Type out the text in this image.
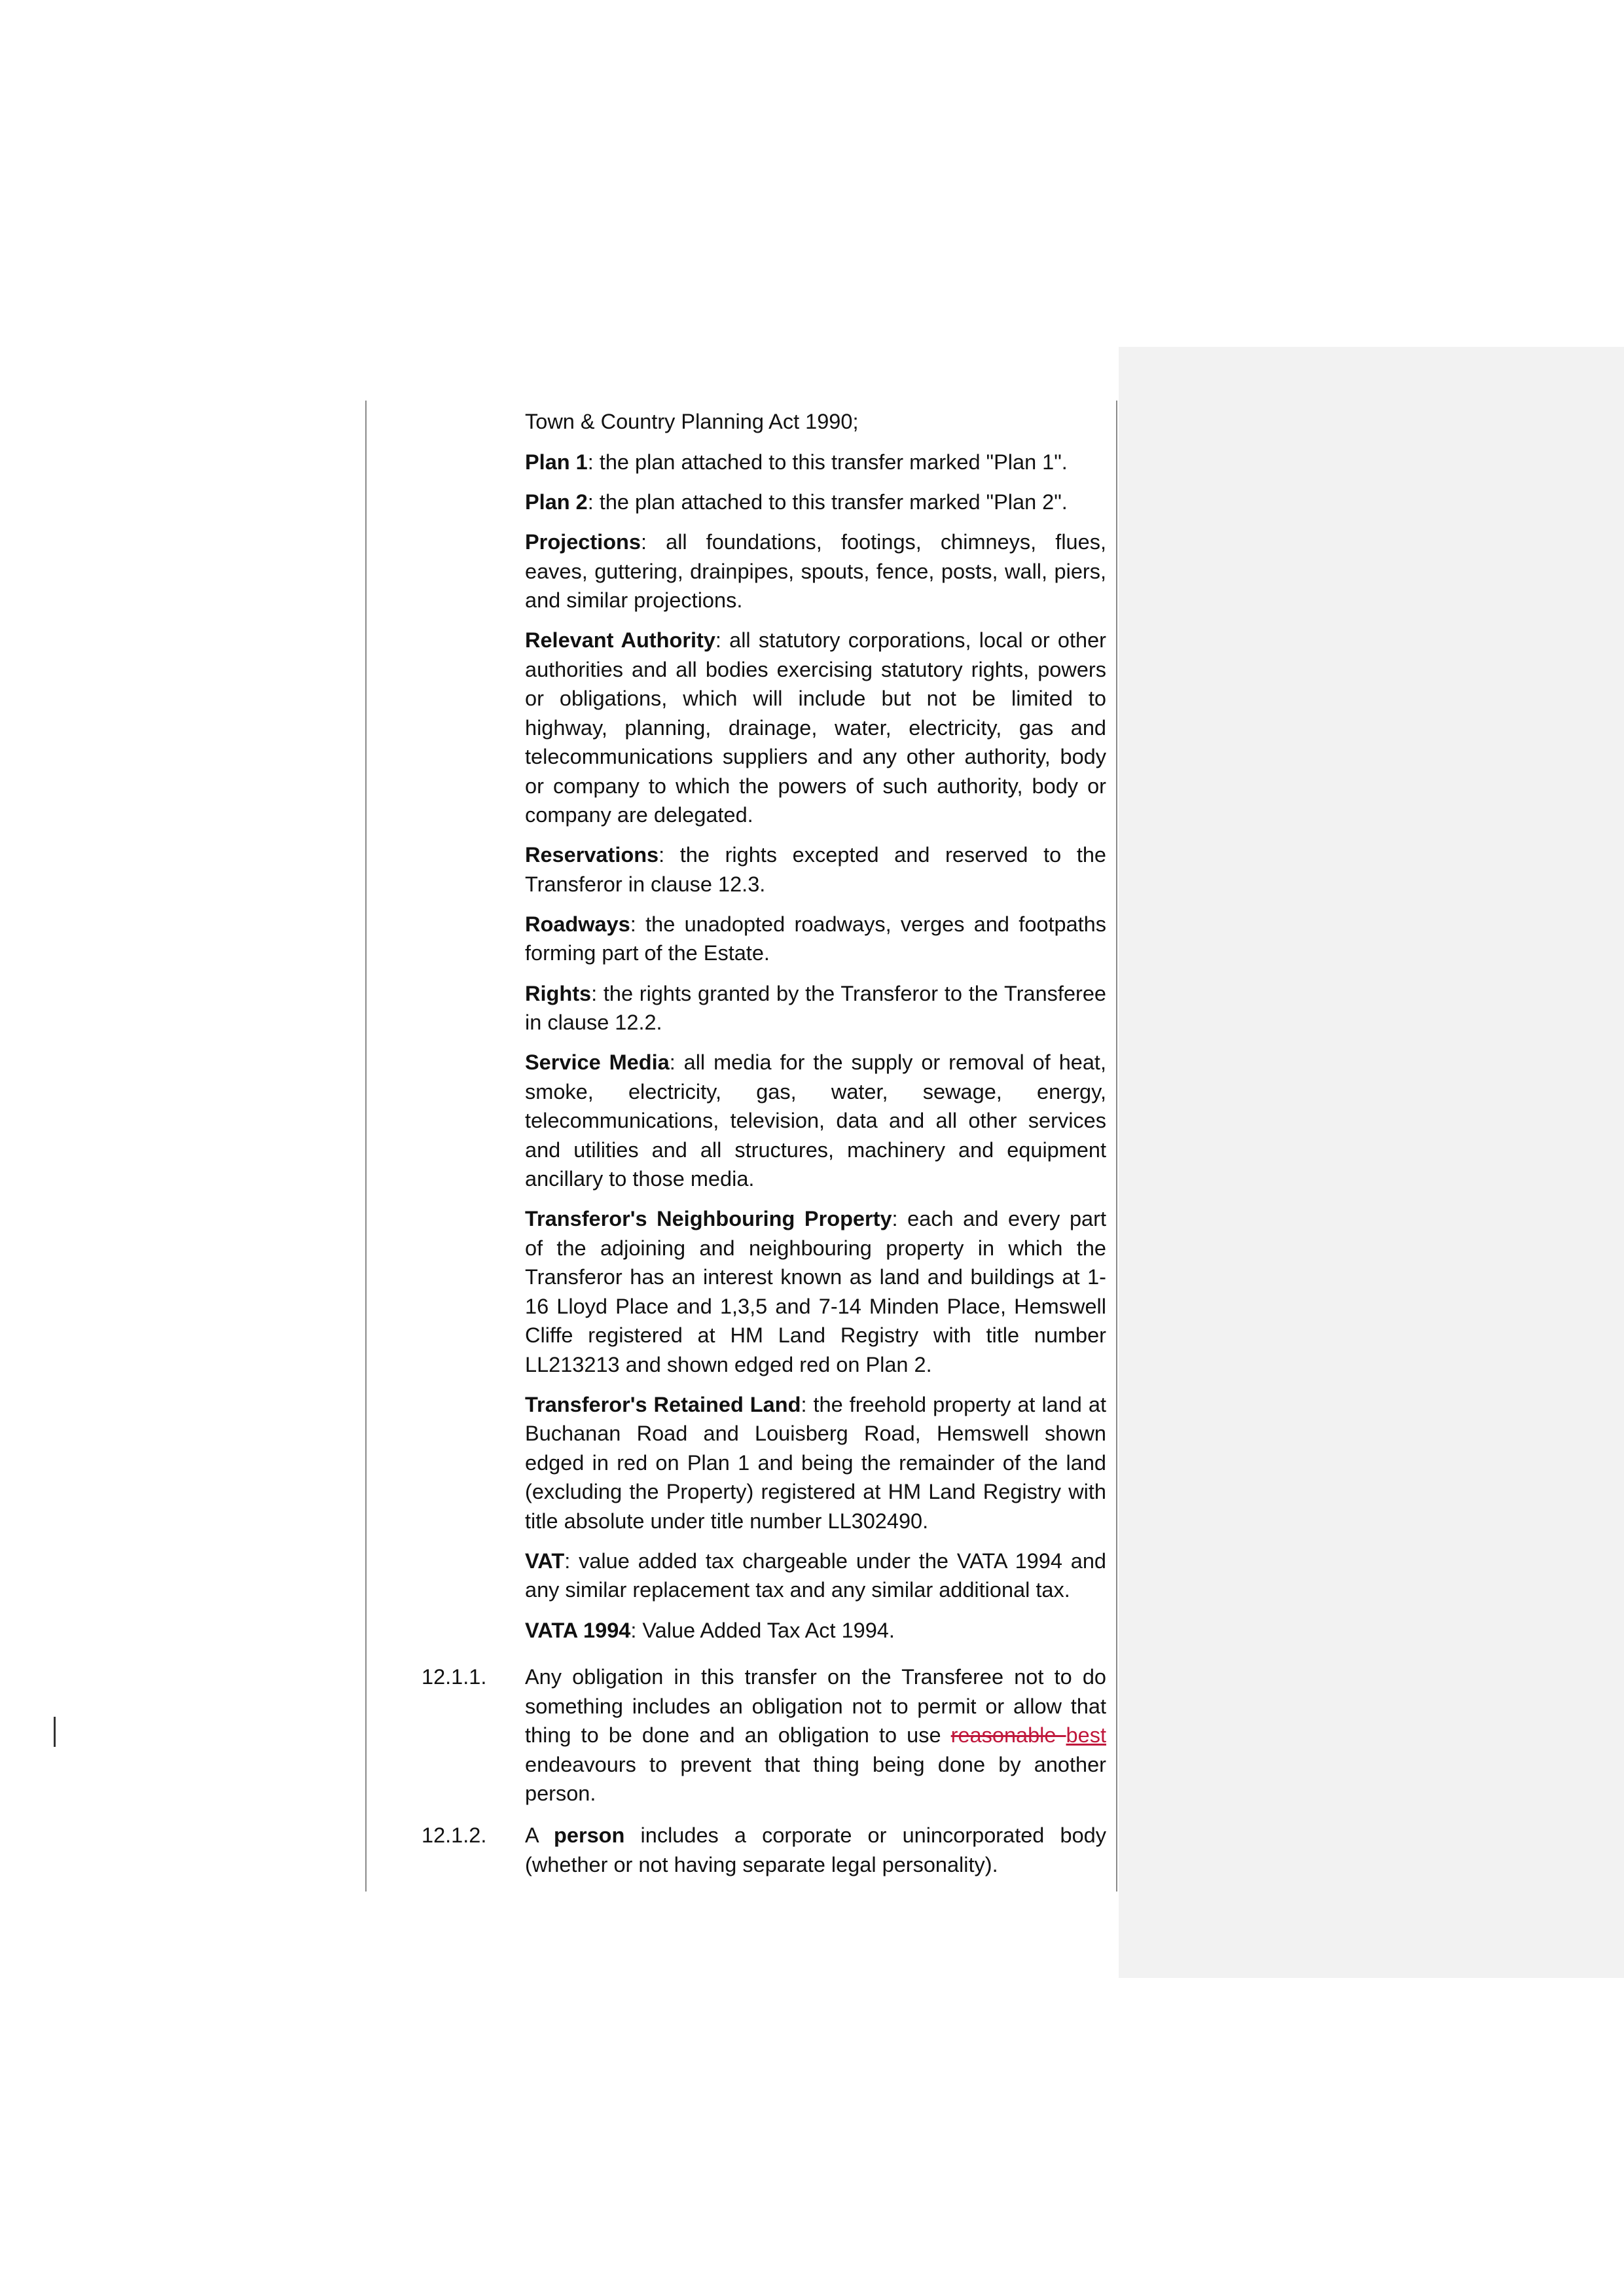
Town & Country Planning Act 1990;

Plan 1: the plan attached to this transfer marked "Plan 1".

Plan 2: the plan attached to this transfer marked "Plan 2".

Projections: all foundations, footings, chimneys, flues, eaves, guttering, drainpipes, spouts, fence, posts, wall, piers, and similar projections.

Relevant Authority: all statutory corporations, local or other authorities and all bodies exercising statutory rights, powers or obligations, which will include but not be limited to highway, planning, drainage, water, electricity, gas and telecommunications suppliers and any other authority, body or company to which the powers of such authority, body or company are delegated.

Reservations: the rights excepted and reserved to the Transferor in clause 12.3.

Roadways: the unadopted roadways, verges and footpaths forming part of the Estate.

Rights: the rights granted by the Transferor to the Transferee in clause 12.2.

Service Media: all media for the supply or removal of heat, smoke, electricity, gas, water, sewage, energy, telecommunications, television, data and all other services and utilities and all structures, machinery and equipment ancillary to those media.

Transferor's Neighbouring Property: each and every part of the adjoining and neighbouring property in which the Transferor has an interest known as land and buildings at 1-16 Lloyd Place and 1,3,5 and 7-14 Minden Place, Hemswell Cliffe registered at HM Land Registry with title number LL213213 and shown edged red on Plan 2.

Transferor's Retained Land: the freehold property at land at Buchanan Road and Louisberg Road, Hemswell shown edged in red on Plan 1 and being the remainder of the land (excluding the Property) registered at HM Land Registry with title absolute under title number LL302490.

VAT: value added tax chargeable under the VATA 1994 and any similar replacement tax and any similar additional tax.

VATA 1994: Value Added Tax Act 1994.

12.1.1. Any obligation in this transfer on the Transferee not to do something includes an obligation not to permit or allow that thing to be done and an obligation to use reasonable best endeavours to prevent that thing being done by another person.
12.1.2. A person includes a corporate or unincorporated body (whether or not having separate legal personality).
